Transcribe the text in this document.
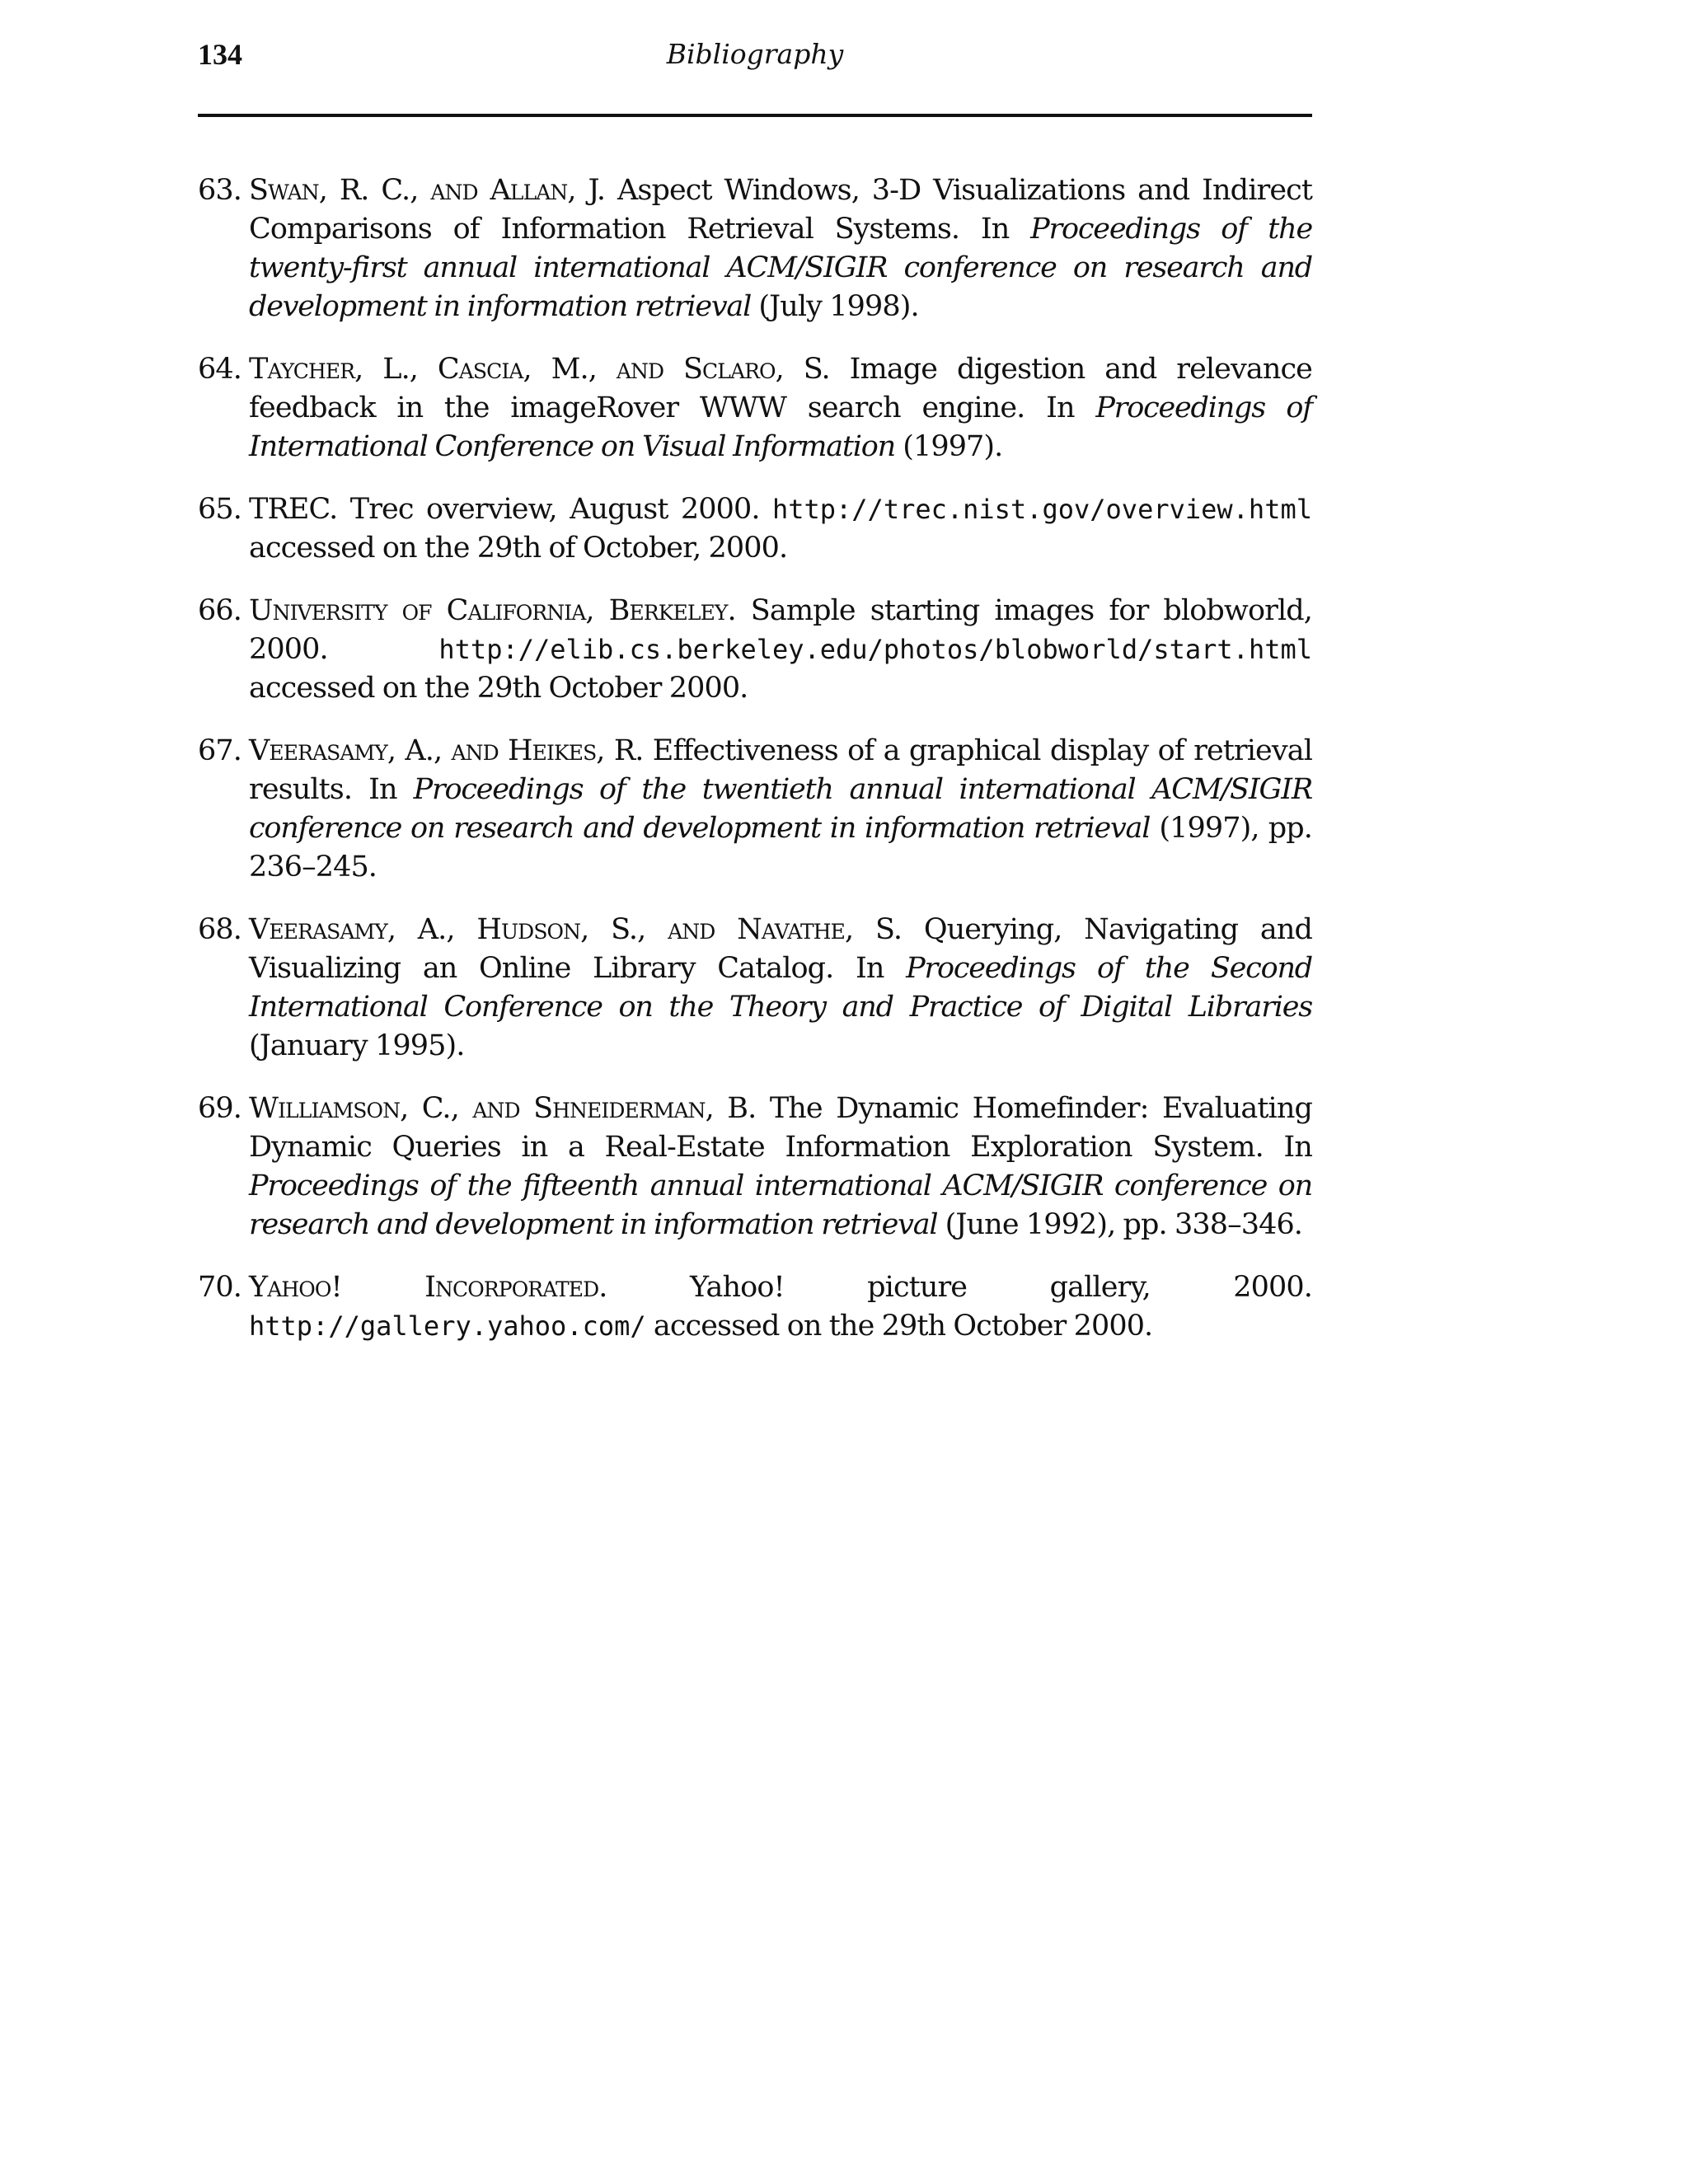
134	Bibliography
63. Swan, R. C., and Allan, J. Aspect Windows, 3-D Visualizations and Indirect Comparisons of Information Retrieval Systems. In Proceedings of the twenty-first annual international ACM/SIGIR conference on research and development in information retrieval (July 1998).
64. Taycher, L., Cascia, M., and Sclaro, S. Image digestion and relevance feedback in the imageRover WWW search engine. In Proceedings of International Conference on Visual Information (1997).
65. TREC. Trec overview, August 2000. http://trec.nist.gov/overview.html accessed on the 29th of October, 2000.
66. University of California, Berkeley. Sample starting images for blobworld, 2000.	http://elib.cs.berkeley.edu/photos/blobworld/start.html accessed on the 29th October 2000.
67. Veerasamy, A., and Heikes, R. Effectiveness of a graphical display of retrieval results. In Proceedings of the twentieth annual international ACM/SIGIR conference on research and development in information retrieval (1997), pp. 236–245.
68. Veerasamy, A., Hudson, S., and Navathe, S. Querying, Navigating and Visualizing an Online Library Catalog. In Proceedings of the Second International Conference on the Theory and Practice of Digital Libraries (January 1995).
69. Williamson, C., and Shneiderman, B. The Dynamic Homefinder: Evaluating Dynamic Queries in a Real-Estate Information Exploration System. In Proceedings of the fifteenth annual international ACM/SIGIR conference on research and development in information retrieval (June 1992), pp. 338–346.
70. Yahoo! Incorporated.	Yahoo! picture gallery, 2000. http://gallery.yahoo.com/ accessed on the 29th October 2000.
